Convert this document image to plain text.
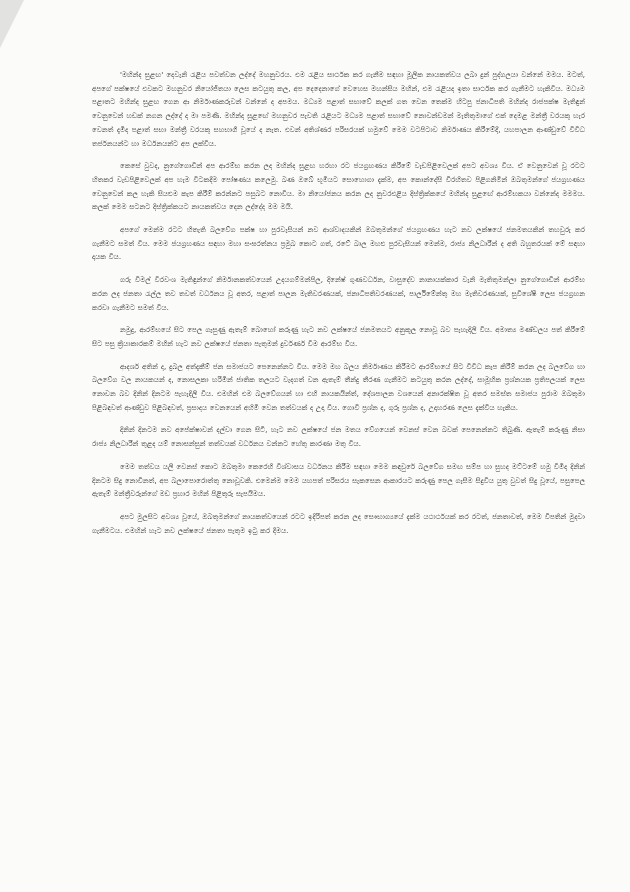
'මහින්ද සුළඟ' දෙවැනි රැළිය පවත්වන ලද්දේ මහනුවරය. එම රැළිය සාර්ථක කර ගැනීම සඳහා මූලික නායකත්වය ලබා දුන් පුද්ගලයා වන්නේ මමය. මටත්, අපගේ පක්ෂයේ එවකට මහනුවර නියෝජිතයා ලෙස කටයුතු කල, අප දෙදෙනාගේ වෙහෙස මහන්සිය මහින්, එම රැළියද ඉතා සාර්ථක කර ගැනීමට හැකිවිය. මධ්‍යම පළාතට මහින්ද සුළඟ ගෙන ආ නිර්මාණකරුවන් වන්නේ ද අපමය. මධ්‍යම පළාත් සභාවේ කලක් ගත වෙන තෙක්ම හිටපු ජනාධිපති මහින්ද රාජපක්ෂ මැතිඳුන් වෙනුවෙන් හඩක් නගන ලද්දේ ද මා පමණි. මහින්ද සුළඟේ මහනුවර පැවති රැළියට මධ්‍යම පළාත් සභාවේ නොවන්ඩමන් මැතිතුමාගේ එක් දෙමළ මන්ත්‍රී වරයකු හැර වෙනත් දැමිද පළාත් සභා මන්ත්‍රී වරයකු සහභාගී වූයේ ද නැත. එවන් අතිශ්ණර පරිසරයක් හමුවේ මෙම වටපිටාව නිර්මාණය කිරීමේදී, යහපාලන ආණ්ඩුවේ විවිධ තර්ජනයන්ට හා මර්ධනයන්ට අප ලක්විය.

කෙසේ වුවද, නුගේගොඩින් අප ආරම්භ කරන ලද මහින්ද සුළඟ හරහා රට ජයග්‍රහණය කිරීමේ වැඩපිළිවෙලක් අපට අවශ්‍ය විය. ඒ වෙනුවෙන් වූ රටට හිතකර වැඩපිළිවෙලක් අප හැම විටකදීම පෝෂණය කලෙමු. බණ ඔබේ භූමියට සොහොගා දැක්ම, අප කොන්දේසි විරහිතව පිළිගනිමින් ඔබතුමන්ගේ ජයග්‍රහණය වෙනුවෙන් කල හැකි සියළුම කැප කිරීම් කරන්නට පසුබට නොවිය. මා නියෝජනය කරන ලද නුවරඑළිය දිස්ත්‍රික්කයේ මහින්ද සුළඟේ ආරම්භකයා වන්නේද මමමය. කලක් මෙම සටනට දිස්ත්‍රික්කයට නායකත්වය දෙන ලද්දේද මම මයි.

අපගේ මෙන්ම රටට හිතැති බලවේග පක්ෂ හා පුරවැසියන් නව ආශ්වාදයකින් ඔබතුමන්ගේ ජයග්‍රහණය හැට නව ලක්ෂයේ ජනමතයකින් තහවුරු කර ගැනීමට සමත් විය. මෙම ජයග්‍රහණය සඳහා මහා සංඝරත්නය ප්‍රමුඛ කොට ගත්, රටේ බාල මහළු පුරවැසියන් මෙන්ම, රාජ්‍ය නිලධාරීන් ද අති බහුතරයක් මේ සඳහා දායක විය.

ගරු විමල් වීරවංශ මැතිඳුන්ගේ නිර්මානකත්වයෙන් උදයගම්මන්පිල, දිනේෂ් ගුණවර්ධන, වාසුදේව නානායක්කාර වැනි මැතිතුමන්ලා නුගේගොඩින් ආරම්භ කරන ලද ජනතා රැල්ල තව තවත් වර්ධනය වූ අතර, පළාත් පාලන මැතිවරණයක්, ජනාධිපතිවරණයක්, පාර්ලිමේන්තු මහ මැතිවරණයක්, සුවිශේෂී ලෙස ජයග්‍රහන කරවා ගැනීමට සමත් විය.

නමුදු, ආරම්භයේ සිට පෙල ගැසුණු ඇතැම් බොහෝ කරුණු හැට නව ලක්ෂයේ ජනමතයට අනුකූල නොවූ බව පැහැදිලි විය. අමාත්‍ය මණ්ඩලය පත් කිරීමේ සිට පසු ක්‍රියාකාරකම් මහින් හැට නව ලක්ෂයේ ජනතා පැතුමන් දුර්වර්ණ වීම ආරම්භ විය.

ආදර්ශ අතින් ද, දුබල අත්දැකීම් ජන සමාජයට පෙනෙන්නට විය. මෙම මහ බලය නිර්මාණය කිරීමට ආරම්භයේ සිට විවිධ කැප කිරීම් කරන ලද බලවේග හා බලවේග වල නායකයන් ද, නොසලකා හරිමින් ජාතික තලයට වැදගත් වන ඇතැම් තීන්දු තීරණ ගැනීමට කටයුතු කරන ලද්දේ, සාමූහික ප්‍රශ්නයක ප්‍රතිපලයක් ලෙස නොවන බව දිනින් දිනටම පැහැදිලි විය. එමහින් එම බලවේගයන් හා එහි නායකයින්ත්, දේශපාලන වශයෙන් අනාරක්ෂිත වූ අතර සමස්ත සමාජය පුරාම ඔබතුමා පිළිබඳවත් ආණ්ඩුව පිළිබඳවත්, ප්‍රසාදය වෙනයෙන් අහිමි වෙන තත්වයක් ද උදා විය. ගොවි ප්‍රශ්න ද, ගුරු ප්‍රශ්න ද, උදාහරණ ලෙස දැක්විය හැකිය.

දිනින් දිනටම නව අපේක්ෂාවන් දල්වා ගෙන සිටි, හැට නව ලක්ෂයේ ජන මතය වේගයෙන් වෙනස් වෙන බවක් පෙනෙන්නට තිබුණි. ඇතැම් කරුණු නිසා රාජ්‍ය නිලධාරීන් තුළද යම් නොසන්සුන් තත්වයක් වර්ධනය වන්නට හේතු කාරණා මතු විය.

මෙම තත්වය යලි වෙනස් කොට ඔබතුමා කෙරෙහි විශ්වාසය වර්ධනය කිරීම සඳහා මෙම කඳවුරේ බලවේග සමඟ සම්ප හා සුහද මට්ටමේ හමු වීමිද දිනින් දිනටම සිදු නොවිනත්, අප බලාපොරොත්තු නොවූවකි. එමෙන්ම මෙම යහපත් පරිසරය සැකසෙන ආකාරයට කරුණු පෙල ගැසීම සිදුවිය යුතු වුවත් සිදු වූයේ, පසුපෙල ඇතැම් මන්ත්‍රීවරුන්ගේ මඩ ප්‍රහාර මහින් පිළිතුරු සැපයීමය.

අපට මුලසිට අවශ්‍ය වූයේ, ඔබතුමන්ගේ නායකත්වයෙන් රටට ඉදිරිපත් කරන ලද සෞභාග්‍යයේ දැක්ම යථාර්ථයක් කර රටත්, ජනතාවත්, මෙම විපතින් මුදවා ගැනීමටය. එමහින් හැට නව ලක්ෂයේ ජනතා පැතුම ඉටු කර දීමය.
